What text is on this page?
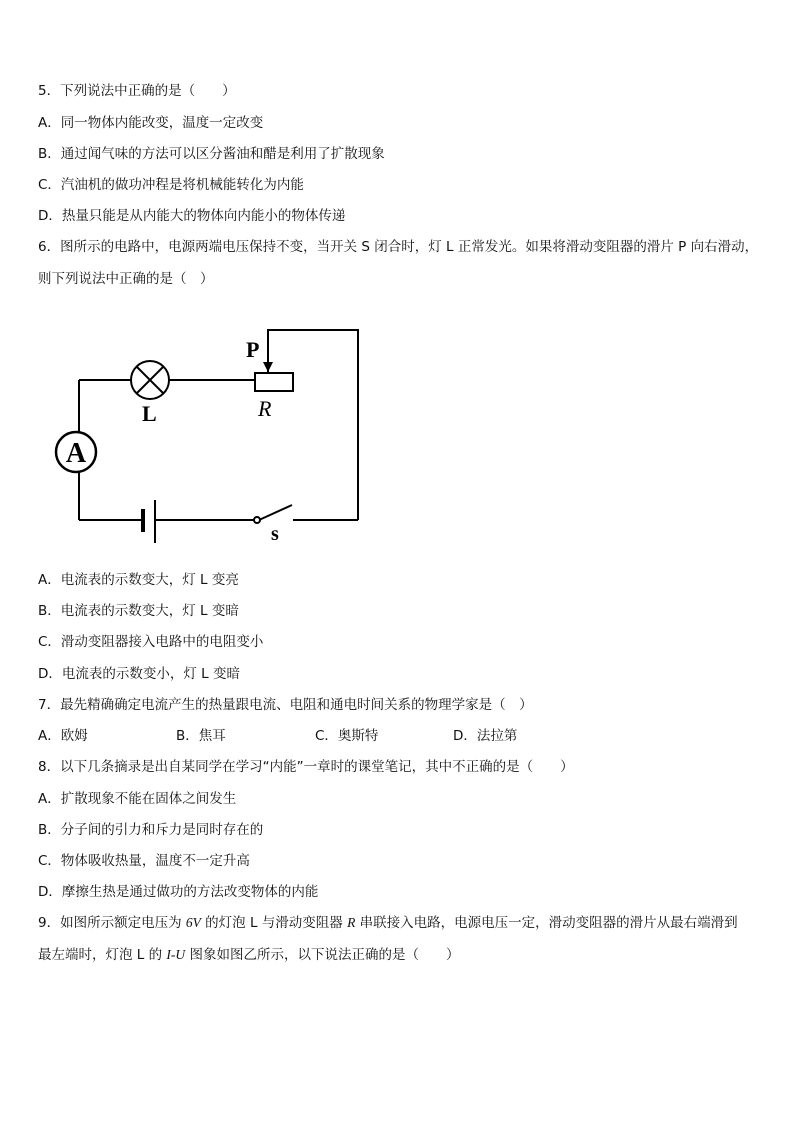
5．下列说法中正确的是（　　）
A．同一物体内能改变，温度一定改变
B．通过闻气味的方法可以区分酱油和醋是利用了扩散现象
C．汽油机的做功冲程是将机械能转化为内能
D．热量只能是从内能大的物体向内能小的物体传递
6．图所示的电路中，电源两端电压保持不变，当开关 S 闭合时，灯 L 正常发光。如果将滑动变阻器的滑片 P 向右滑动，
则下列说法中正确的是（　）
P
L	R
A
s
A．电流表的示数变大，灯 L 变亮
B．电流表的示数变大，灯 L 变暗
C．滑动变阻器接入电路中的电阻变小
D．电流表的示数变小，灯 L 变暗
7．最先精确确定电流产生的热量跟电流、电阻和通电时间关系的物理学家是（　）
A．欧姆	B．焦耳	C．奥斯特	D．法拉第
8．以下几条摘录是出自某同学在学习“内能”一章时的课堂笔记，其中不正确的是（　　）
A．扩散现象不能在固体之间发生
B．分子间的引力和斥力是同时存在的
C．物体吸收热量，温度不一定升高
D．摩擦生热是通过做功的方法改变物体的内能
9．如图所示额定电压为 6V 的灯泡 L 与滑动变阻器 R 串联接入电路，电源电压一定，滑动变阻器的滑片从最右端滑到
最左端时，灯泡 L 的 I-U 图象如图乙所示，以下说法正确的是（　　）
